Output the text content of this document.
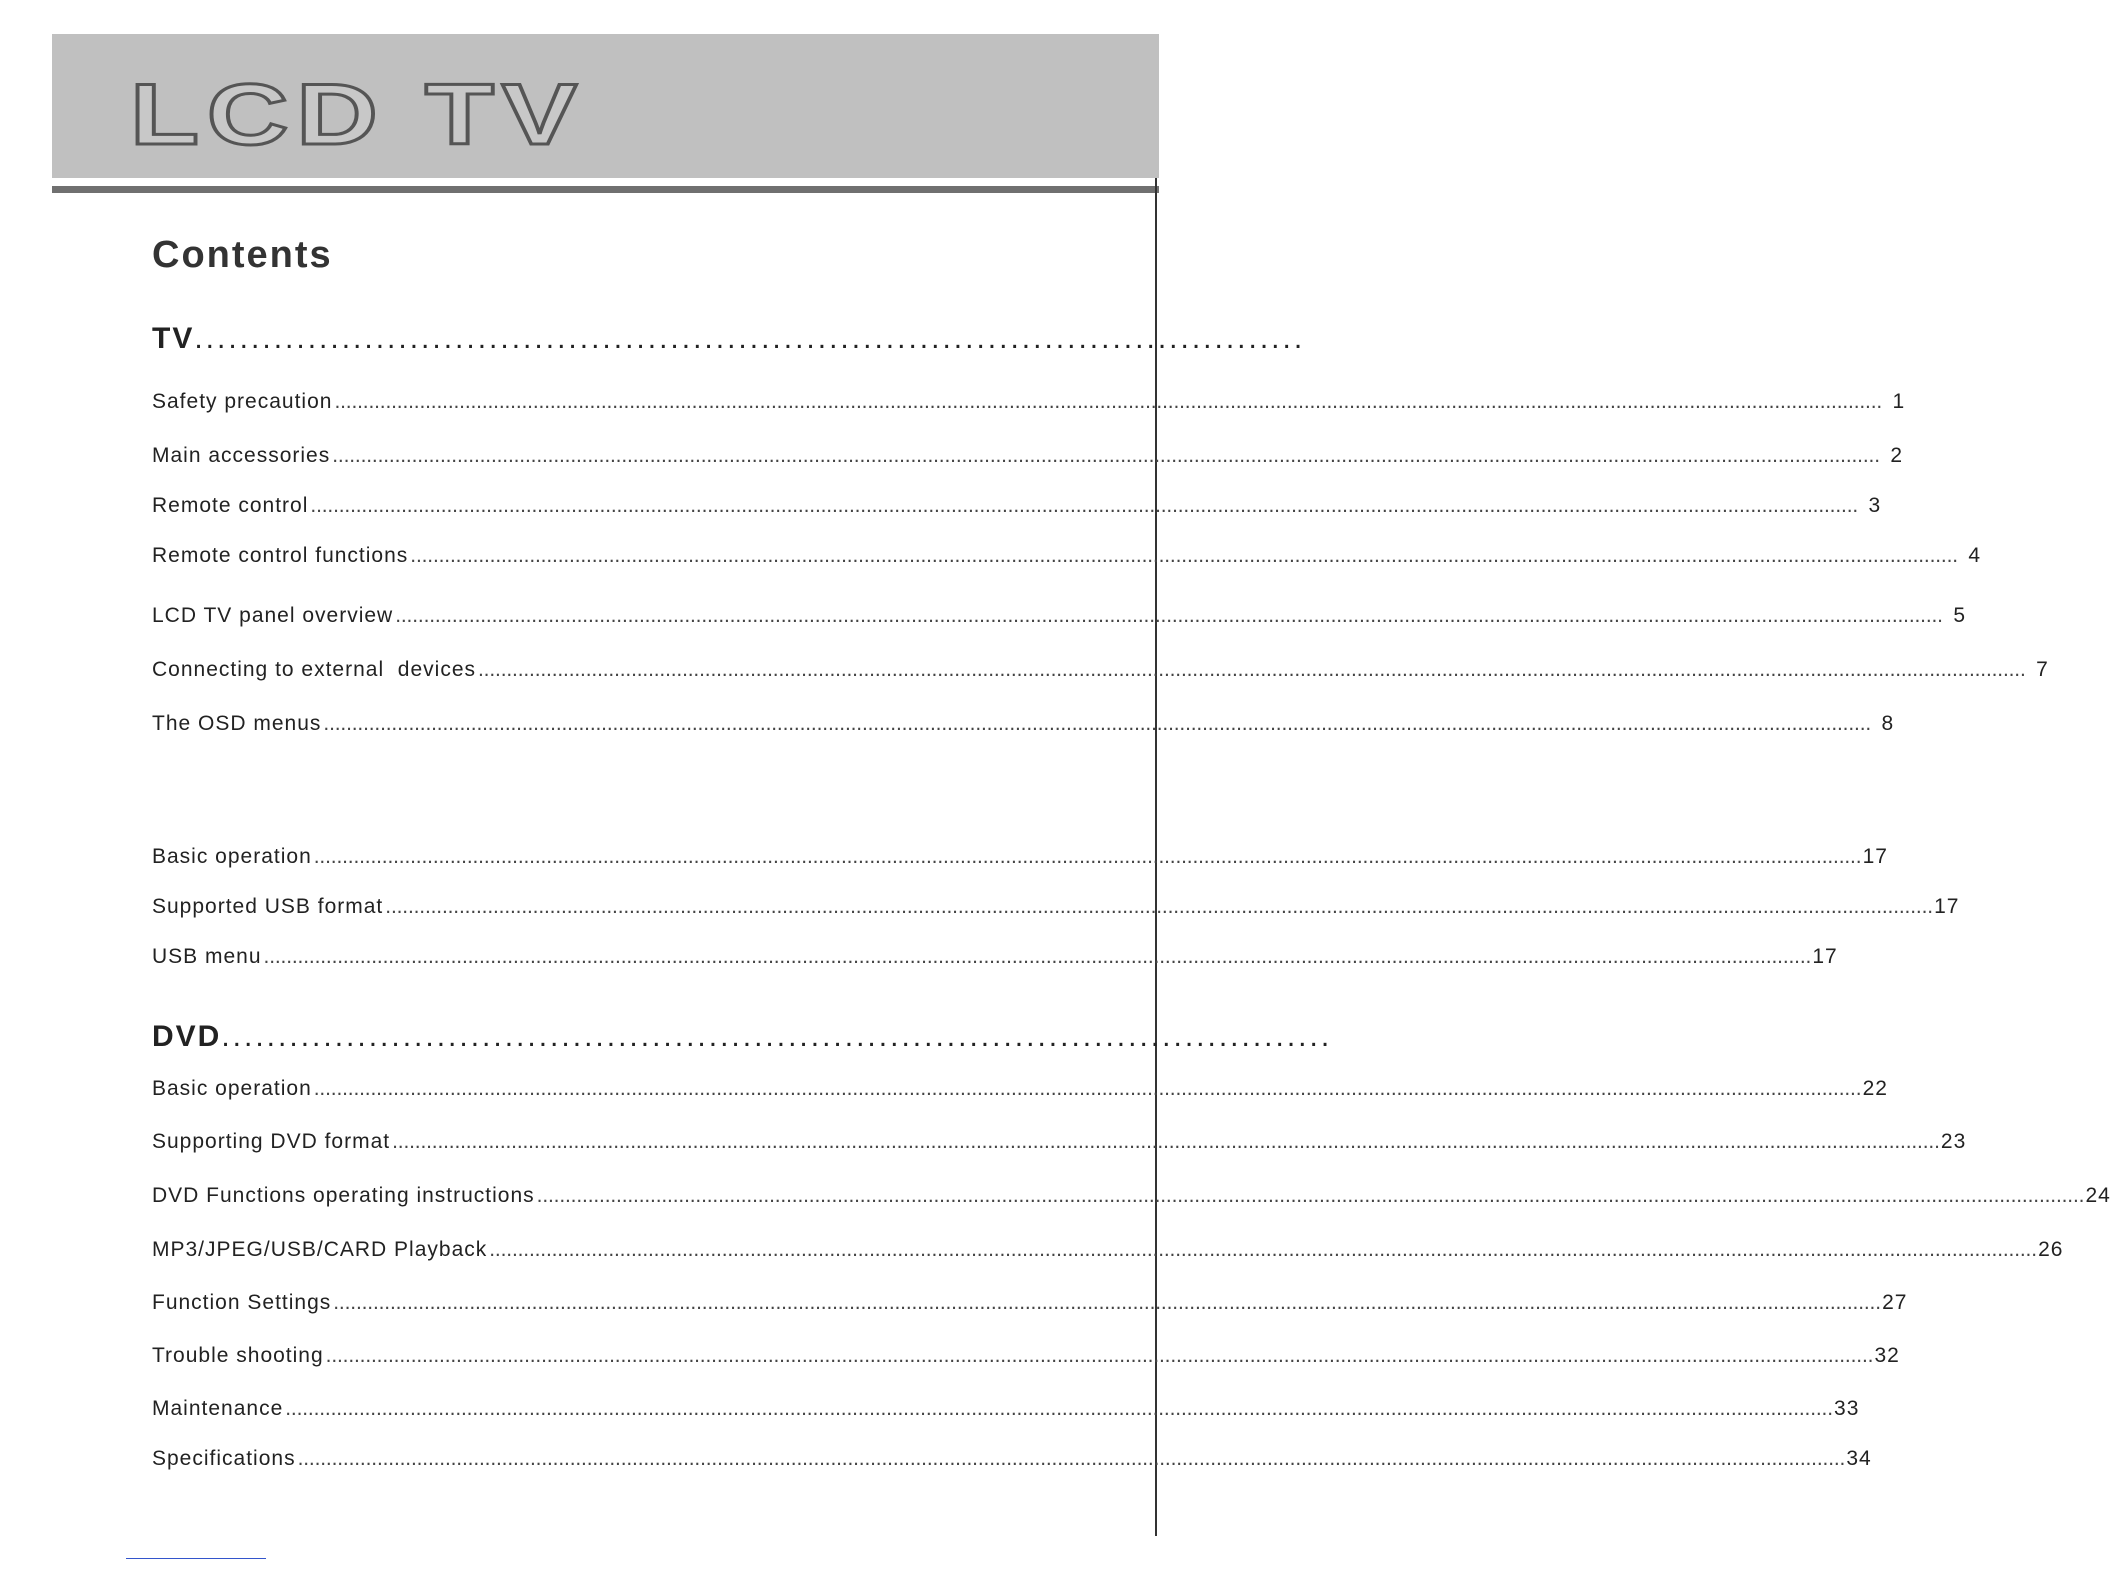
LCD TV
Contents
TV..................................................................................................
Safety precaution . . .	1
Main accessories . . .	2
Remote control . . .	3
Remote control functions . . .	4
LCD TV panel overview . . .	5
Connecting to external  devices . . .	7
The OSD menus . . .	8
Basic operation . . .	17
Supported USB format . . .	17
USB menu . . .	17
DVD..................................................................................................
Basic operation . . .	22
Supporting DVD format . . .	23
DVD Functions operating instructions . . .	24
MP3/JPEG/USB/CARD Playback . . .	26
Function Settings . . .	27
Trouble shooting . . .	32
Maintenance . . .	33
Specifications . . .	34
